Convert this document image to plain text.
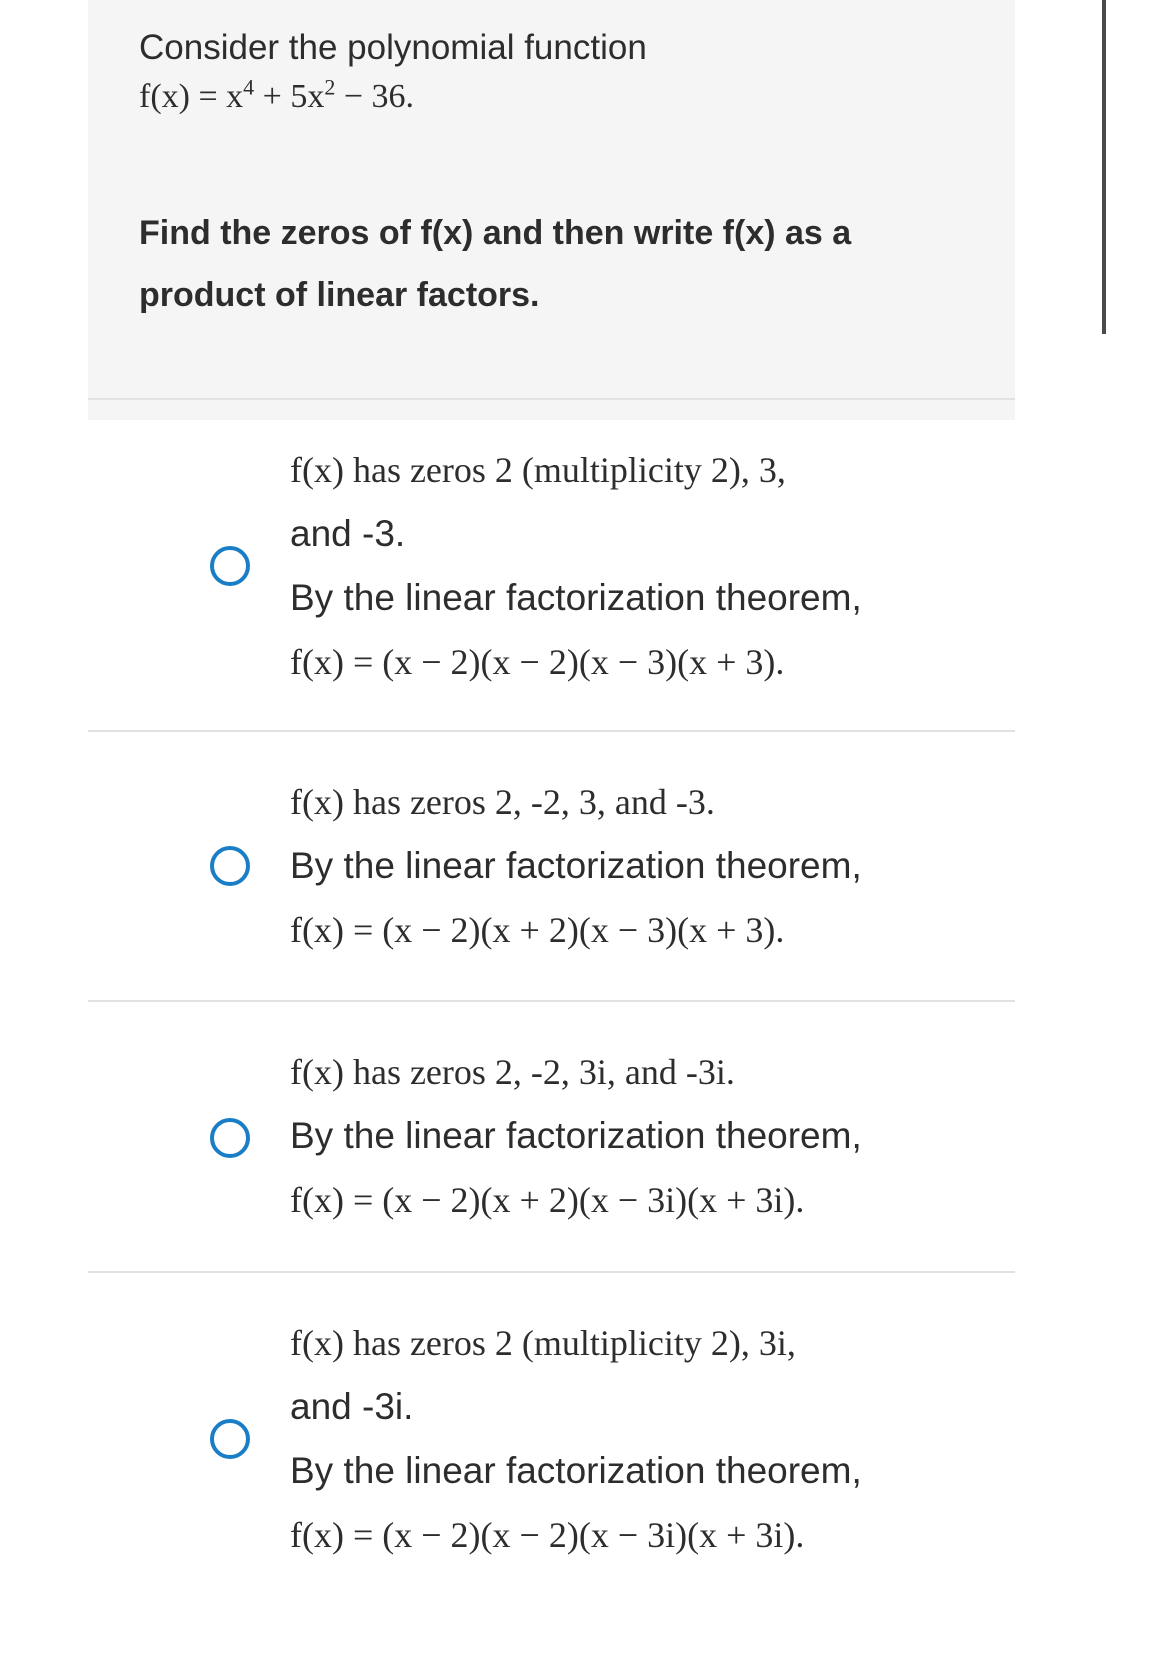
Consider the polynomial function

$f(x) = x^4 + 5x^2 - 36$.

Find the zeros of f(x) and then write f(x) as a

product of linear factors.

f(x) has zeros 2 (multiplicity 2), 3,

and -3.

By the linear factorization theorem,

f(x) = (x − 2)(x − 2)(x − 3)(x + 3).

f(x) has zeros 2, -2, 3, and -3.

By the linear factorization theorem,

f(x) = (x − 2)(x + 2)(x − 3)(x + 3).

f(x) has zeros 2, -2, 3i, and -3i.

By the linear factorization theorem,

f(x) = (x − 2)(x + 2)(x − 3i)(x + 3i).

f(x) has zeros 2 (multiplicity 2), 3i,

and -3i.

By the linear factorization theorem,

f(x) = (x − 2)(x − 2)(x − 3i)(x + 3i).
